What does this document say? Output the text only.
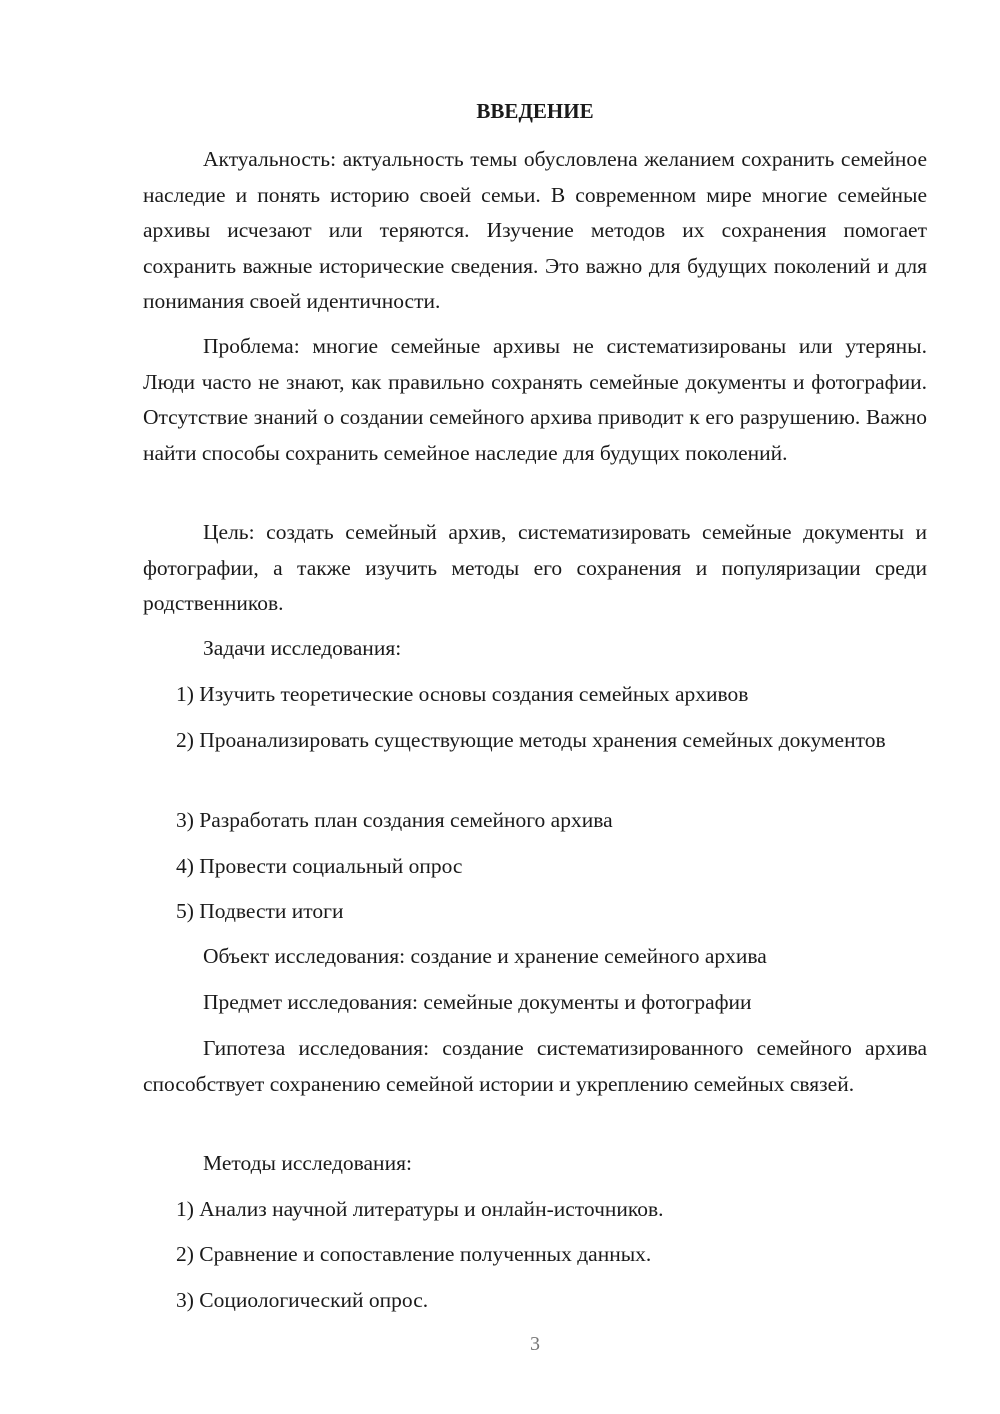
ВВЕДЕНИЕ

Актуальность: актуальность темы обусловлена желанием сохранить семейное наследие и понять историю своей семьи. В современном мире многие семейные архивы исчезают или теряются. Изучение методов их сохранения помогает сохранить важные исторические сведения. Это важно для будущих поколений и для понимания своей идентичности.

Проблема: многие семейные архивы не систематизированы или утеряны. Люди часто не знают, как правильно сохранять семейные документы и фотографии. Отсутствие знаний о создании семейного архива приводит к его разрушению. Важно найти способы сохранить семейное наследие для будущих поколений.

Цель: создать семейный архив, систематизировать семейные документы и фотографии, а также изучить методы его сохранения и популяризации среди родственников.

Задачи исследования:

1) Изучить теоретические основы создания семейных архивов

2) Проанализировать существующие методы хранения семейных документов

3) Разработать план создания семейного архива

4) Провести социальный опрос

5) Подвести итоги

Объект исследования: создание и хранение семейного архива

Предмет исследования: семейные документы и фотографии

Гипотеза исследования: создание систематизированного семейного архива способствует сохранению семейной истории и укреплению семейных связей.

Методы исследования:

1) Анализ научной литературы и онлайн-источников.

2) Сравнение и сопоставление полученных данных.

3) Социологический опрос.

3
